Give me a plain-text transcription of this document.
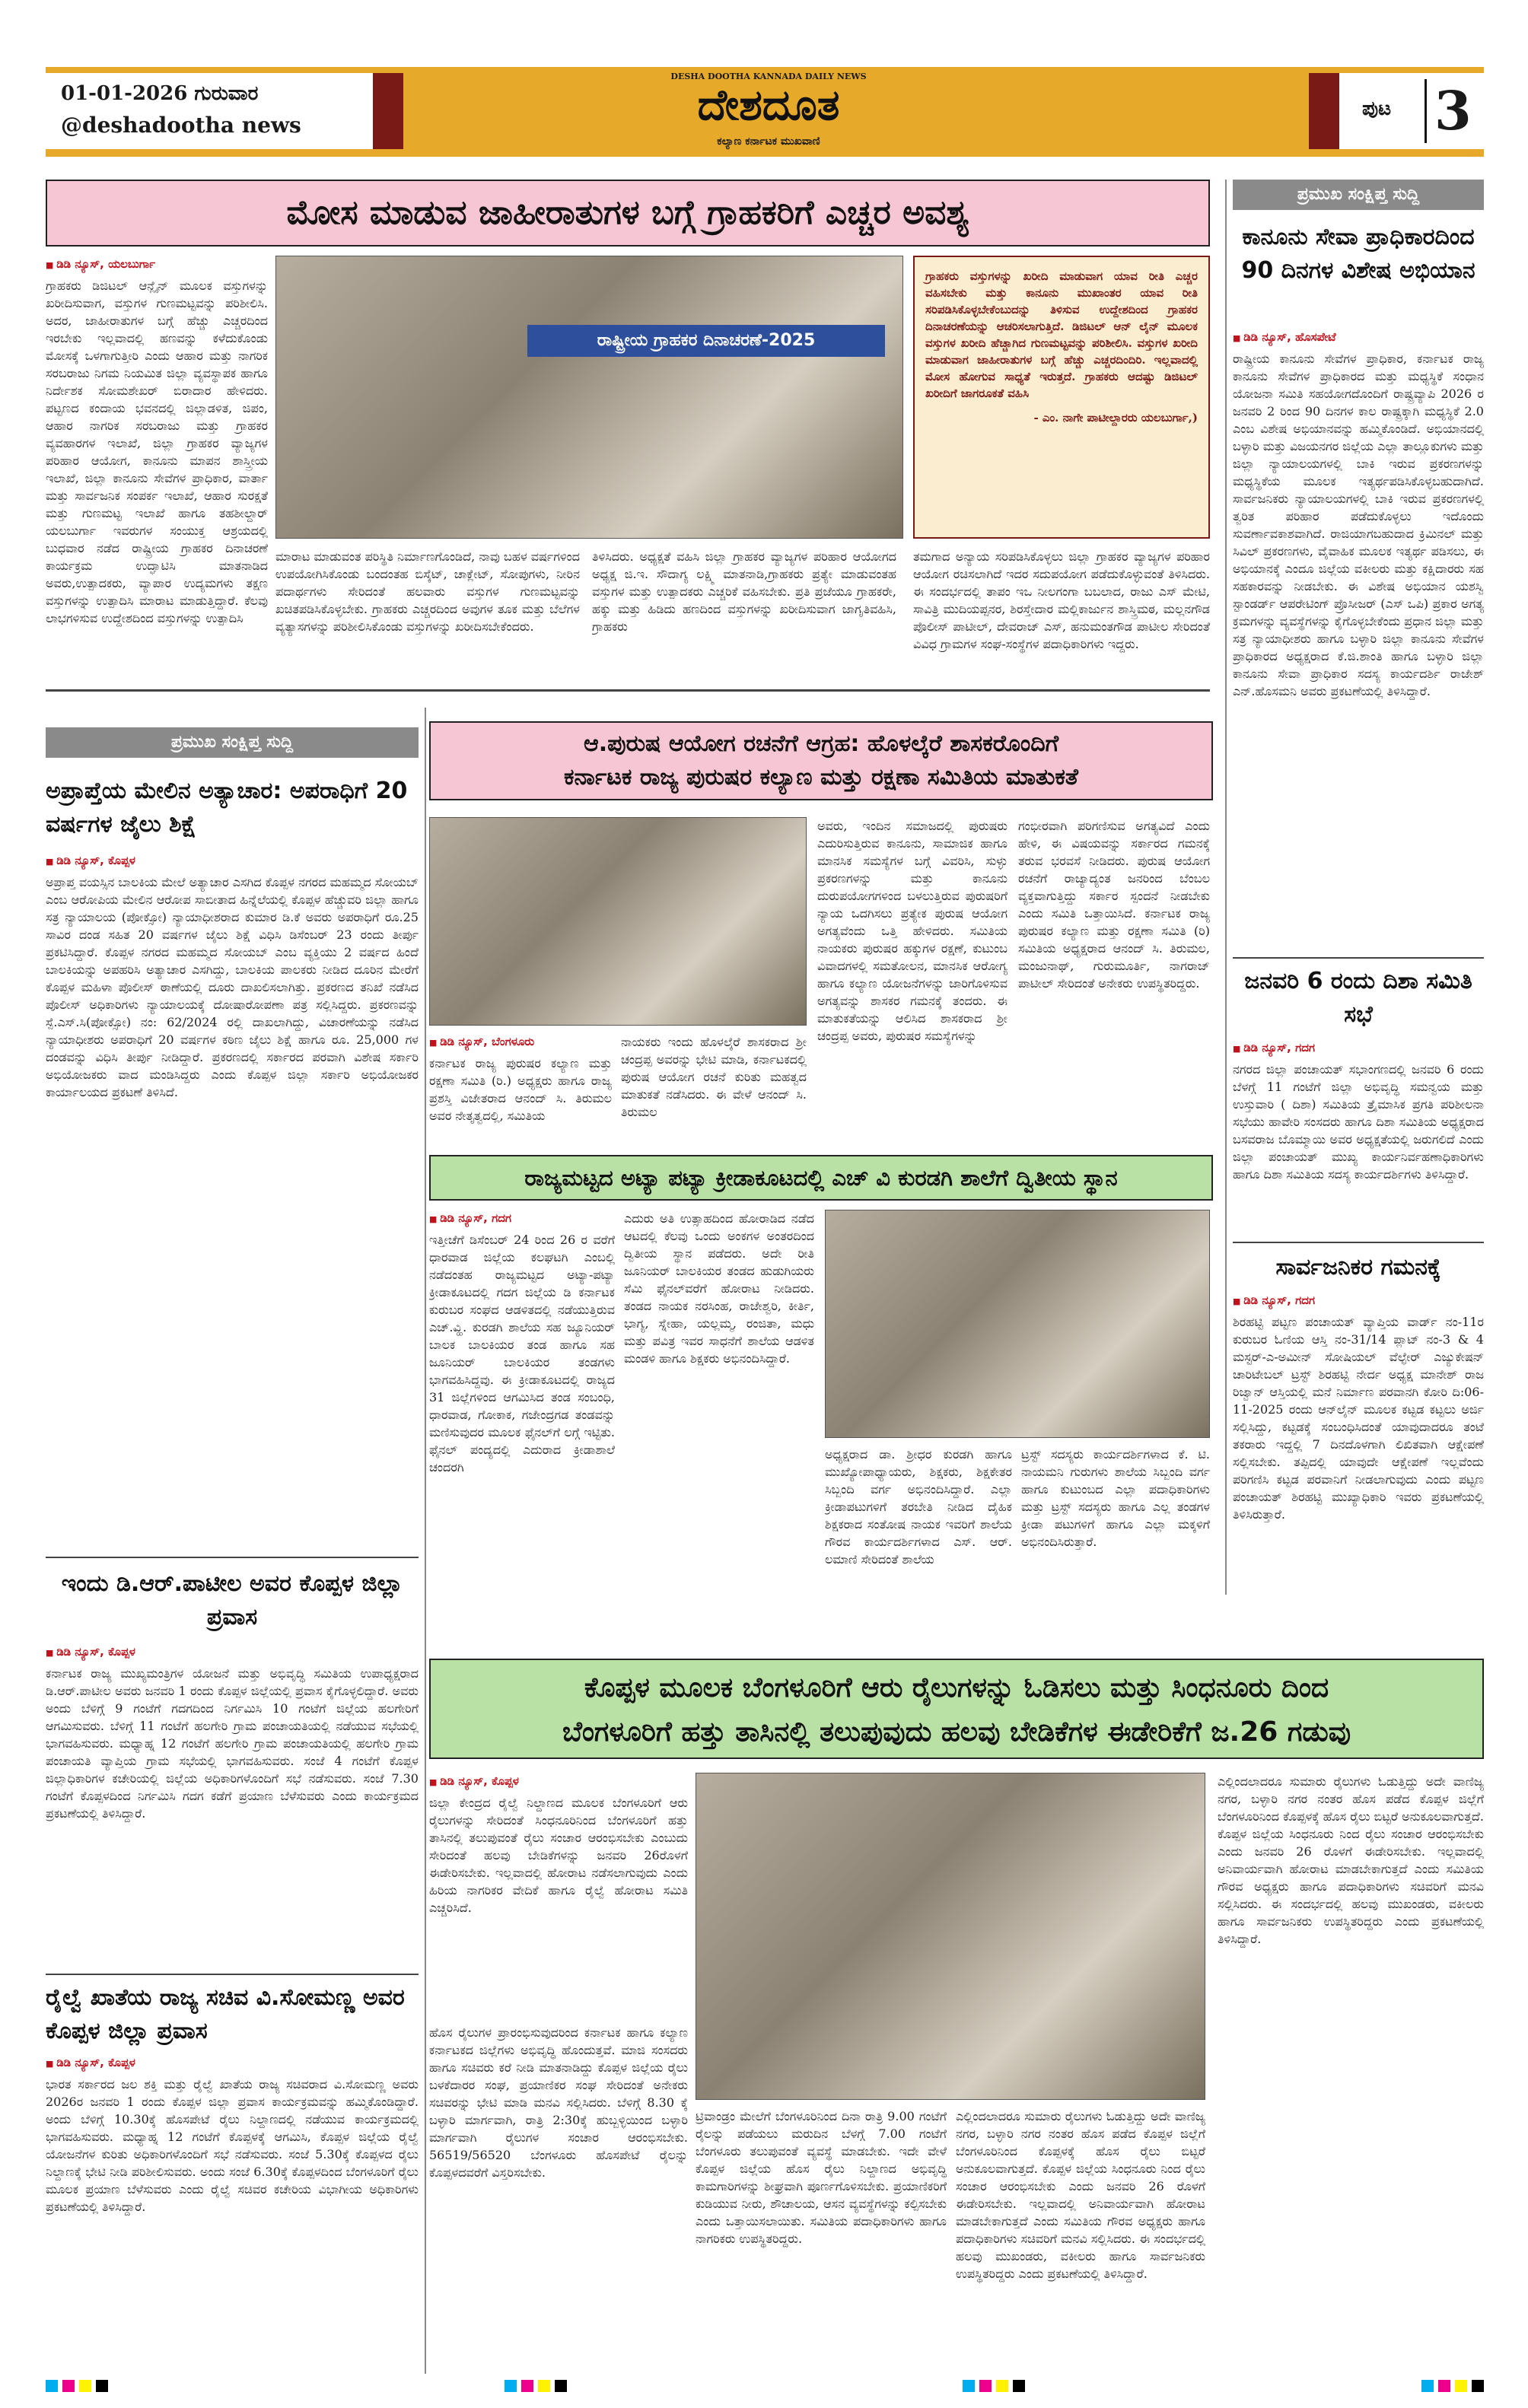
01-01-2026 ಗುರುವಾರ
@deshadootha news
DESHA DOOTHA KANNADA DAILY NEWS
ದೇಶದೂತ
ಕಲ್ಯಾಣ ಕರ್ನಾಟಕ ಮುಖವಾಣಿ
ಪುಟ 3
ಮೋಸ ಮಾಡುವ ಜಾಹೀರಾತುಗಳ ಬಗ್ಗೆ ಗ್ರಾಹಕರಿಗೆ ಎಚ್ಚರ ಅವಶ್ಯ
■ ಡಿಡಿ ನ್ಯೂಸ್, ಯಲಬುರ್ಗಾ
ಗ್ರಾಹಕರು ಡಿಜಿಟಲ್ ಆನ್ಲೈನ್ ಮೂಲಕ ವಸ್ತುಗಳನ್ನು ಖರೀದಿಸುವಾಗ, ವಸ್ತುಗಳ ಗುಣಮಟ್ಟವನ್ನು ಪರಿಶೀಲಿಸಿ. ಅದರ, ಜಾಹೀರಾತುಗಳ ಬಗ್ಗೆ ಹೆಚ್ಚು ಎಚ್ಚರದಿಂದ ಇರಬೇಕು ಇಲ್ಲವಾದಲ್ಲಿ ಹಣವನ್ನು ಕಳೆದುಕೊಂಡು ಮೋಸಕ್ಕೆ ಒಳಗಾಗುತ್ತೀರಿ ಎಂದು ಆಹಾರ ಮತ್ತು ನಾಗರಿಕ ಸರಬರಾಜು ನಿಗಮ ನಿಯಮಿತ ಜಿಲ್ಲಾ ವ್ಯವಸ್ಥಾಪಕ ಹಾಗೂ ನಿರ್ದೇಶಕ ಸೋಮಶೇಖರ್ ಬಿರಾದಾರ ಹೇಳಿದರು. ಪಟ್ಟಣದ ಕಂದಾಯ ಭವನದಲ್ಲಿ ಜಿಲ್ಲಾಡಳಿತ, ಜಿಪಂ, ಆಹಾರ ನಾಗರಿಕ ಸರಬರಾಜು ಮತ್ತು ಗ್ರಾಹಕರ ವ್ಯವಹಾರಗಳ ಇಲಾಖೆ, ಜಿಲ್ಲಾ ಗ್ರಾಹಕರ ವ್ಯಾಜ್ಯಗಳ ಪರಿಹಾರ ಆಯೋಗ, ಕಾನೂನು ಮಾಪನ ಶಾಸ್ತ್ರೀಯ ಇಲಾಖೆ, ಜಿಲ್ಲಾ ಕಾನೂನು ಸೇವೆಗಳ ಪ್ರಾಧಿಕಾರ, ವಾರ್ತಾ ಮತ್ತು ಸಾರ್ವಜನಿಕ ಸಂಪರ್ಕ ಇಲಾಖೆ, ಆಹಾರ ಸುರಕ್ಷತೆ ಮತ್ತು ಗುಣಮಟ್ಟ ಇಲಾಖೆ ಹಾಗೂ ತಹಶೀಲ್ದಾರ್ ಯಲಬುರ್ಗಾ ಇವರುಗಳ ಸಂಯುಕ್ತ ಆಶ್ರಯದಲ್ಲಿ ಬುಧವಾರ ನಡೆದ ರಾಷ್ಟ್ರೀಯ ಗ್ರಾಹಕರ ದಿನಾಚರಣೆ ಕಾರ್ಯಕ್ರಮ ಉದ್ಘಾಟಿಸಿ ಮಾತನಾಡಿದ ಅವರು,ಉತ್ಪಾದಕರು, ವ್ಯಾಪಾರ ಉದ್ಯಮಗಳು ತಕ್ಷಣ ವಸ್ತುಗಳನ್ನು ಉತ್ಪಾದಿಸಿ ಮಾರಾಟ ಮಾಡುತ್ತಿದ್ದಾರೆ. ಕೆಲವು ಲಾಭಗಳಿಸುವ ಉದ್ದೇಶದಿಂದ ವಸ್ತುಗಳನ್ನು ಉತ್ಪಾದಿಸಿ
ರಾಷ್ಟ್ರೀಯ ಗ್ರಾಹಕರ ದಿನಾಚರಣೆ-2025
ಗ್ರಾಹಕರು ವಸ್ತುಗಳನ್ನು ಖರೀದಿ ಮಾಡುವಾಗ ಯಾವ ರೀತಿ ಎಚ್ಚರ ವಹಿಸಬೇಕು ಮತ್ತು ಕಾನೂನು ಮುಖಾಂತರ ಯಾವ ರೀತಿ ಸರಿಪಡಿಸಿಕೊಳ್ಳಬೇಕೆಂಬುದನ್ನು ತಿಳಿಸುವ ಉದ್ದೇಶದಿಂದ ಗ್ರಾಹಕರ ದಿನಾಚರಣೆಯನ್ನು ಆಚರಿಸಲಾಗುತ್ತಿದೆ. ಡಿಜಿಟಲ್ ಆನ್ ಲೈನ್ ಮೂಲಕ ವಸ್ತುಗಳ ಖರೀದಿ ಹೆಚ್ಚಾಗಿದ ಗುಣಮಟ್ಟವನ್ನು ಪರಿಶೀಲಿಸಿ. ವಸ್ತುಗಳ ಖರೀದಿ ಮಾಡುವಾಗ ಜಾಹೀರಾತುಗಳ ಬಗ್ಗೆ ಹೆಚ್ಚು ಎಚ್ಚರದಿಂದಿರಿ. ಇಲ್ಲವಾದಲ್ಲಿ ಮೋಸ ಹೋಗುವ ಸಾಧ್ಯತೆ ಇರುತ್ತದೆ. ಗ್ರಾಹಕರು ಆದಷ್ಟು ಡಿಜಿಟಲ್ ಖರೀದಿಗೆ ಜಾಗರೂಕತೆ ವಹಿಸಿ
- ಎಂ. ನಾಗೇ ಪಾಟೀಲ್ದಾರರು ಯಲಬುರ್ಗಾ,)
ಮಾರಾಟ ಮಾಡುವಂತ ಪರಿಸ್ಥಿತಿ ನಿರ್ಮಾಣಗೊಂಡಿದೆ, ನಾವು ಬಹಳ ವರ್ಷಗಳಿಂದ ಉಪಯೋಗಿಸಿಕೊಂಡು ಬಂದಂತಹ ಬಿಸ್ಕೆಟ್, ಚಾಕ್ಲೇಟ್, ಸೋಪುಗಳು, ನೀರಿನ ಪದಾರ್ಥಗಳು ಸೇರಿದಂತೆ ಹಲವಾರು ವಸ್ತುಗಳ ಗುಣಮಟ್ಟವನ್ನು ಖಚಿತಪಡಿಸಿಕೊಳ್ಳಬೇಕು. ಗ್ರಾಹಕರು ಎಚ್ಚರದಿಂದ ಅವುಗಳ ತೂಕ ಮತ್ತು ಬೆಲೆಗಳ ವ್ಯತ್ಯಾಸಗಳನ್ನು ಪರಿಶೀಲಿಸಿಕೊಂಡು ವಸ್ತುಗಳನ್ನು ಖರೀದಿಸಬೇಕೆಂದರು.
ತಿಳಿಸಿದರು. ಅಧ್ಯಕ್ಷತೆ ವಹಿಸಿ ಜಿಲ್ಲಾ ಗ್ರಾಹಕರ ವ್ಯಾಜ್ಯಗಳ ಪರಿಹಾರ ಆಯೋಗದ ಅಧ್ಯಕ್ಷ ಜಿ.ಇ. ಸೌದಾಗ್ಯ ಲಕ್ಷ್ಮಿ ಮಾತನಾಡಿ,ಗ್ರಾಹಕರು ಪ್ರತ್ಯೇ ಮಾಡುವಂತಹ ವಸ್ತುಗಳ ಮತ್ತು ಉತ್ಪಾದಕರು ಎಚ್ಚರಿಕೆ ವಹಿಸಬೇಕು. ಪ್ರತಿ ಪ್ರಜೆಯೂ ಗ್ರಾಹಕರೇ, ಹಕ್ಕು ಮತ್ತು ಹಿಡಿದು ಹಣದಿಂದ ವಸ್ತುಗಳನ್ನು ಖರೀದಿಸುವಾಗ ಜಾಗೃತಿವಹಿಸಿ, ಗ್ರಾಹಕರು
ತಮಗಾದ ಅನ್ಯಾಯ ಸರಿಪಡಿಸಿಕೊಳ್ಳಲು ಜಿಲ್ಲಾ ಗ್ರಾಹಕರ ವ್ಯಾಜ್ಯಗಳ ಪರಿಹಾರ ಆಯೋಗ ರಚಿಸಲಾಗಿದೆ ಇದರ ಸದುಪಯೋಗ ಪಡೆದುಕೊಳ್ಳುವಂತೆ ತಿಳಿಸಿದರು. ಈ ಸಂದರ್ಭದಲ್ಲಿ ತಾಪಂ ಇಒ ನೀಲಗಂಗಾ ಬಬಲಾದ, ರಾಜು ಎಸ್ ಮೇಟಿ, ಸಾವಿತ್ರಿ ಮುದಿಯಪ್ಪನರ, ಶಿರಸ್ತೇದಾರ ಮಲ್ಲಿಕಾರ್ಜುನ ಶಾಸ್ತ್ರಿಮಠ, ಮಲ್ಲನಗೌಡ ಪೊಲೀಸ್ ಪಾಟೀಲ್, ದೇವರಾಜ್ ಎಸ್, ಹನುಮಂತಗೌಡ ಪಾಟೀಲ ಸೇರಿದಂತೆ ವಿವಿಧ ಗ್ರಾಮಗಳ ಸಂಘ-ಸಂಸ್ಥೆಗಳ ಪದಾಧಿಕಾರಿಗಳು ಇದ್ದರು.
ಪ್ರಮುಖ ಸಂಕ್ಷಿಪ್ತ ಸುದ್ದಿ
ಕಾನೂನು ಸೇವಾ ಪ್ರಾಧಿಕಾರದಿಂದ 90 ದಿನಗಳ ವಿಶೇಷ ಅಭಿಯಾನ
■ ಡಿಡಿ ನ್ಯೂಸ್, ಹೊಸಪೇಟೆ
ರಾಷ್ಟ್ರೀಯ ಕಾನೂನು ಸೇವೆಗಳ ಪ್ರಾಧಿಕಾರ, ಕರ್ನಾಟಕ ರಾಜ್ಯ ಕಾನೂನು ಸೇವೆಗಳ ಪ್ರಾಧಿಕಾರದ ಮತ್ತು ಮಧ್ಯಸ್ಥಿಕೆ ಸಂಧಾನ ಯೋಜನಾ ಸಮಿತಿ ಸಹಯೋಗದೊಂದಿಗೆ ರಾಷ್ಟ್ರವ್ಯಾಪಿ 2026 ರ ಜನವರಿ 2 ರಿಂದ 90 ದಿನಗಳ ಕಾಲ ರಾಷ್ಟ್ರಕ್ಕಾಗಿ ಮಧ್ಯಸ್ಥಿಕೆ 2.0 ಎಂಬ ವಿಶೇಷ ಅಭಿಯಾನವನ್ನು ಹಮ್ಮಿಕೊಂಡಿದೆ. ಅಭಿಯಾನದಲ್ಲಿ ಬಳ್ಳಾರಿ ಮತ್ತು ವಿಜಯನಗರ ಜಿಲ್ಲೆಯ ಎಲ್ಲಾ ತಾಲ್ಲೂಕುಗಳು ಮತ್ತು ಜಿಲ್ಲಾ ನ್ಯಾಯಾಲಯಗಳಲ್ಲಿ ಬಾಕಿ ಇರುವ ಪ್ರಕರಣಗಳನ್ನು ಮಧ್ಯಸ್ಥಿಕೆಯ ಮೂಲಕ ಇತ್ಯರ್ಥಪಡಿಸಿಕೊಳ್ಳಬಹುದಾಗಿದೆ. ಸಾರ್ವಜನಿಕರು ನ್ಯಾಯಾಲಯಗಳಲ್ಲಿ ಬಾಕಿ ಇರುವ ಪ್ರಕರಣಗಳಲ್ಲಿ ತ್ವರಿತ ಪರಿಹಾರ ಪಡೆದುಕೊಳ್ಳಲು ಇದೊಂದು ಸುವರ್ಣಾವಕಾಶವಾಗಿದೆ. ರಾಜಿಯಾಗಬಹುದಾದ ಕ್ರಿಮಿನಲ್ ಮತ್ತು ಸಿವಿಲ್ ಪ್ರಕರಣಗಳು, ವೈವಾಹಿಕ ಮೂಲಕ ಇತ್ಯರ್ಥ ಪಡಿಸಲು, ಈ ಅಭಿಯಾನಕ್ಕೆ ಎಂದೂ ಜಿಲ್ಲೆಯ ವಕೀಲರು ಮತ್ತು ಕಕ್ಷಿದಾರರು ಸಹ ಸಹಕಾರವನ್ನು ನೀಡಬೇಕು. ಈ ವಿಶೇಷ ಅಭಿಯಾನ ಯಶಸ್ವಿ ಸ್ಟಾಂಡರ್ಡ್ ಆಪರೇಟಿಂಗ್ ಪ್ರೊಸೀಜರ್ (ಎಸ್ ಒಪಿ) ಪ್ರಕಾರ ಅಗತ್ಯ ಕ್ರಮಗಳನ್ನು ವ್ಯವಸ್ಥೆಗಳನ್ನು ಕೈಗೊಳ್ಳಬೇಕೆಂದು ಪ್ರಧಾನ ಜಿಲ್ಲಾ ಮತ್ತು ಸತ್ರ ನ್ಯಾಯಾಧೀಶರು ಹಾಗೂ ಬಳ್ಳಾರಿ ಜಿಲ್ಲಾ ಕಾನೂನು ಸೇವೆಗಳ ಪ್ರಾಧಿಕಾರದ ಅಧ್ಯಕ್ಷರಾದ ಕೆ.ಜಿ.ಶಾಂತಿ ಹಾಗೂ ಬಳ್ಳಾರಿ ಜಿಲ್ಲಾ ಕಾನೂನು ಸೇವಾ ಪ್ರಾಧಿಕಾರ ಸದಸ್ಯ ಕಾರ್ಯದರ್ಶಿ ರಾಜೇಶ್ ಎನ್.ಹೊಸಮನಿ ಅವರು ಪ್ರಕಟಣೆಯಲ್ಲಿ ತಿಳಿಸಿದ್ದಾರೆ.
ಜನವರಿ 6 ರಂದು ದಿಶಾ ಸಮಿತಿ ಸಭೆ
■ ಡಿಡಿ ನ್ಯೂಸ್, ಗದಗ
ನಗರದ ಜಿಲ್ಲಾ ಪಂಚಾಯತ್ ಸಭಾಂಗಣದಲ್ಲಿ ಜನವರಿ 6 ರಂದು ಬೆಳಗ್ಗೆ 11 ಗಂಟೆಗೆ ಜಿಲ್ಲಾ ಅಭಿವೃದ್ಧಿ ಸಮನ್ವಯ ಮತ್ತು ಉಸ್ತುವಾರಿ ( ದಿಶಾ) ಸಮಿತಿಯ ತ್ರೈಮಾಸಿಕ ಪ್ರಗತಿ ಪರಿಶೀಲನಾ ಸಭೆಯು ಹಾವೇರಿ ಸಂಸದರು ಹಾಗೂ ದಿಶಾ ಸಮಿತಿಯ ಅಧ್ಯಕ್ಷರಾದ ಬಸವರಾಜ ಬೊಮ್ಮಾಯಿ ಅವರ ಅಧ್ಯಕ್ಷತೆಯಲ್ಲಿ ಜರುಗಲಿದೆ ಎಂದು ಜಿಲ್ಲಾ ಪಂಚಾಯತ್ ಮುಖ್ಯ ಕಾರ್ಯನಿರ್ವಹಣಾಧಿಕಾರಿಗಳು ಹಾಗೂ ದಿಶಾ ಸಮಿತಿಯ ಸದಸ್ಯ ಕಾರ್ಯದರ್ಶಿಗಳು ತಿಳಿಸಿದ್ದಾರೆ.
ಸಾರ್ವಜನಿಕರ ಗಮನಕ್ಕೆ
■ ಡಿಡಿ ನ್ಯೂಸ್, ಗದಗ
ಶಿರಹಟ್ಟಿ ಪಟ್ಟಣ ಪಂಚಾಯತ್ ವ್ಯಾಪ್ತಿಯ ವಾರ್ಡ್ ನಂ-11ರ ಕುರುಬರ ಓಣಿಯ ಆಸ್ತಿ ನಂ-31/14 ಪ್ಲಾಟ್ ನಂ-3 & 4 ಮಸ್ಟರ್-ಎ-ಅಮೀನ್ ಸೋಷಿಯಲ್ ವೆಲ್ಫೇರ್ ಎಜ್ಯುಕೇಷನ್ ಚಾರಿಟೇಬಲ್ ಟ್ರಸ್ಟ್ ಶಿರಹಟ್ಟಿ ನೇರ್ದ ಅಧ್ಯಕ್ಷ ಮಾನೇಶ್ ರಾಜ ರಿಜ್ವಾನ್ ಆಸ್ತಿಯಲ್ಲಿ ಮನೆ ನಿರ್ಮಾಣ ಪರವಾನಗಿ ಕೋರಿ ದಿ:06-11-2025 ರಂದು ಆನ್‌ಲೈನ್ ಮೂಲಕ ಕಟ್ಟಡ ಕಟ್ಟಲು ಅರ್ಜಿ ಸಲ್ಲಿಸಿದ್ದು, ಕಟ್ಟಡಕ್ಕೆ ಸಂಬಂಧಿಸಿದಂತೆ ಯಾವುದಾದರೂ ತಂಟೆ ತಕರಾರು ಇದ್ದಲ್ಲಿ 7 ದಿನದೊಳಗಾಗಿ ಲಿಖಿತವಾಗಿ ಆಕ್ಷೇಪಣೆ ಸಲ್ಲಿಸಬೇಕು. ತಪ್ಪಿದಲ್ಲಿ ಯಾವುದೇ ಆಕ್ಷೇಪಣೆ ಇಲ್ಲವೆಂದು ಪರಿಗಣಿಸಿ ಕಟ್ಟಡ ಪರವಾನಿಗೆ ನೀಡಲಾಗುವುದು ಎಂದು ಪಟ್ಟಣ ಪಂಚಾಯತ್ ಶಿರಹಟ್ಟಿ ಮುಖ್ಯಾಧಿಕಾರಿ ಇವರು ಪ್ರಕಟಣೆಯಲ್ಲಿ ತಿಳಿಸಿರುತ್ತಾರೆ.
ಪ್ರಮುಖ ಸಂಕ್ಷಿಪ್ತ ಸುದ್ದಿ
ಅಪ್ರಾಪ್ತೆಯ ಮೇಲಿನ ಅತ್ಯಾಚಾರ: ಅಪರಾಧಿಗೆ 20 ವರ್ಷಗಳ ಜೈಲು ಶಿಕ್ಷೆ
■ ಡಿಡಿ ನ್ಯೂಸ್, ಕೊಪ್ಪಳ
ಅಪ್ರಾಪ್ತ ವಯಸ್ಸಿನ ಬಾಲಕಿಯ ಮೇಲೆ ಅತ್ಯಾಚಾರ ಎಸಗಿದ ಕೊಪ್ಪಳ ನಗರದ ಮಹಮ್ಮದ ಸೋಯಬ್ ಎಂಬ ಆರೋಪಿಯ ಮೇಲಿನ ಆರೋಪ ಸಾಬೀತಾದ ಹಿನ್ನೆಲೆಯಲ್ಲಿ ಕೊಪ್ಪಳ ಹೆಚ್ಚುವರಿ ಜಿಲ್ಲಾ ಹಾಗೂ ಸತ್ರ ನ್ಯಾಯಾಲಯ (ಪೋಕ್ಸೋ) ನ್ಯಾಯಾಧೀಶರಾದ ಕುಮಾರ ಡಿ.ಕೆ ಅವರು ಅಪರಾಧಿಗೆ ರೂ.25 ಸಾವಿರ ದಂಡ ಸಹಿತ 20 ವರ್ಷಗಳ ಜೈಲು ಶಿಕ್ಷೆ ವಿಧಿಸಿ ಡಿಸೆಂಬರ್ 23 ರಂದು ತೀರ್ಪು ಪ್ರಕಟಿಸಿದ್ದಾರೆ. ಕೊಪ್ಪಳ ನಗರದ ಮಹಮ್ಮದ ಸೋಯಬ್ ಎಂಬ ವ್ಯಕ್ತಿಯು 2 ವರ್ಷದ ಹಿಂದೆ ಬಾಲಕಿಯನ್ನು ಅಪಹರಿಸಿ ಅತ್ಯಾಚಾರ ಎಸಗಿದ್ದು, ಬಾಲಕಿಯ ಪಾಲಕರು ನೀಡಿದ ದೂರಿನ ಮೇರೆಗೆ ಕೊಪ್ಪಳ ಮಹಿಳಾ ಪೊಲೀಸ್ ಠಾಣೆಯಲ್ಲಿ ದೂರು ದಾಖಲಿಸಲಾಗಿತ್ತು. ಪ್ರಕರಣದ ತನಿಖೆ ನಡೆಸಿದ ಪೊಲೀಸ್ ಅಧಿಕಾರಿಗಳು ನ್ಯಾಯಾಲಯಕ್ಕೆ ದೋಷಾರೋಪಣಾ ಪತ್ರ ಸಲ್ಲಿಸಿದ್ದರು. ಪ್ರಕರಣವನ್ನು ಸ್ಪೆ.ಎಸ್.ಸಿ(ಪೋಕ್ಸೋ) ನಂ: 62/2024 ರಲ್ಲಿ ದಾಖಲಾಗಿದ್ದು, ವಿಚಾರಣೆಯನ್ನು ನಡೆಸಿದ ನ್ಯಾಯಾಧೀಶರು ಅಪರಾಧಿಗೆ 20 ವರ್ಷಗಳ ಕಠಿಣ ಜೈಲು ಶಿಕ್ಷೆ ಹಾಗೂ ರೂ. 25,000 ಗಳ ದಂಡವನ್ನು ವಿಧಿಸಿ ತೀರ್ಪು ನೀಡಿದ್ದಾರೆ. ಪ್ರಕರಣದಲ್ಲಿ ಸರ್ಕಾರದ ಪರವಾಗಿ ವಿಶೇಷ ಸರ್ಕಾರಿ ಅಭಿಯೋಜಕರು ವಾದ ಮಂಡಿಸಿದ್ದರು ಎಂದು ಕೊಪ್ಪಳ ಜಿಲ್ಲಾ ಸರ್ಕಾರಿ ಅಭಿಯೋಜಕರ ಕಾರ್ಯಾಲಯದ ಪ್ರಕಟಣೆ ತಿಳಿಸಿದೆ.
ಇಂದು ಡಿ.ಆರ್.ಪಾಟೀಲ ಅವರ ಕೊಪ್ಪಳ ಜಿಲ್ಲಾ ಪ್ರವಾಸ
■ ಡಿಡಿ ನ್ಯೂಸ್, ಕೊಪ್ಪಳ
ಕರ್ನಾಟಕ ರಾಜ್ಯ ಮುಖ್ಯಮಂತ್ರಿಗಳ ಯೋಜನೆ ಮತ್ತು ಅಭಿವೃದ್ಧಿ ಸಮಿತಿಯ ಉಪಾಧ್ಯಕ್ಷರಾದ ಡಿ.ಆರ್.ಪಾಟೀಲ ಅವರು ಜನವರಿ 1 ರಂದು ಕೊಪ್ಪಳ ಜಿಲ್ಲೆಯಲ್ಲಿ ಪ್ರವಾಸ ಕೈಗೊಳ್ಳಲಿದ್ದಾರೆ. ಅವರು ಅಂದು ಬೆಳಿಗ್ಗೆ 9 ಗಂಟೆಗೆ ಗದಗದಿಂದ ನಿರ್ಗಮಿಸಿ 10 ಗಂಟೆಗೆ ಜಿಲ್ಲೆಯ ಹಲಗೇರಿಗೆ ಆಗಮಿಸುವರು. ಬೆಳಿಗ್ಗೆ 11 ಗಂಟೆಗೆ ಹಲಗೇರಿ ಗ್ರಾಮ ಪಂಚಾಯತಿಯಲ್ಲಿ ನಡೆಯುವ ಸಭೆಯಲ್ಲಿ ಭಾಗವಹಿಸುವರು. ಮಧ್ಯಾಹ್ನ 12 ಗಂಟೆಗೆ ಹಲಗೇರಿ ಗ್ರಾಮ ಪಂಚಾಯತಿಯಲ್ಲಿ ಹಲಗೇರಿ ಗ್ರಾಮ ಪಂಚಾಯತಿ ವ್ಯಾಪ್ತಿಯ ಗ್ರಾಮ ಸಭೆಯಲ್ಲಿ ಭಾಗವಹಿಸುವರು. ಸಂಜೆ 4 ಗಂಟೆಗೆ ಕೊಪ್ಪಳ ಜಿಲ್ಲಾಧಿಕಾರಿಗಳ ಕಚೇರಿಯಲ್ಲಿ ಜಿಲ್ಲೆಯ ಅಧಿಕಾರಿಗಳೊಂದಿಗೆ ಸಭೆ ನಡೆಸುವರು. ಸಂಜೆ 7.30 ಗಂಟೆಗೆ ಕೊಪ್ಪಳದಿಂದ ನಿರ್ಗಮಿಸಿ ಗದಗ ಕಡೆಗೆ ಪ್ರಯಾಣ ಬೆಳೆಸುವರು ಎಂದು ಕಾರ್ಯಕ್ರಮದ ಪ್ರಕಟಣೆಯಲ್ಲಿ ತಿಳಿಸಿದ್ದಾರೆ.
ರೈಲ್ವೆ ಖಾತೆಯ ರಾಜ್ಯ ಸಚಿವ ವಿ.ಸೋಮಣ್ಣ ಅವರ ಕೊಪ್ಪಳ ಜಿಲ್ಲಾ ಪ್ರವಾಸ
■ ಡಿಡಿ ನ್ಯೂಸ್, ಕೊಪ್ಪಳ
ಭಾರತ ಸರ್ಕಾರದ ಜಲ ಶಕ್ತಿ ಮತ್ತು ರೈಲ್ವೆ ಖಾತೆಯ ರಾಜ್ಯ ಸಚಿವರಾದ ವಿ.ಸೋಮಣ್ಣ ಅವರು 2026ರ ಜನವರಿ 1 ರಂದು ಕೊಪ್ಪಳ ಜಿಲ್ಲಾ ಪ್ರವಾಸ ಕಾರ್ಯಕ್ರಮವನ್ನು ಹಮ್ಮಿಕೊಂಡಿದ್ದಾರೆ. ಅಂದು ಬೆಳಿಗ್ಗೆ 10.30ಕ್ಕೆ ಹೊಸಪೇಟೆ ರೈಲು ನಿಲ್ದಾಣದಲ್ಲಿ ನಡೆಯುವ ಕಾರ್ಯಕ್ರಮದಲ್ಲಿ ಭಾಗವಹಿಸುವರು. ಮಧ್ಯಾಹ್ನ 12 ಗಂಟೆಗೆ ಕೊಪ್ಪಳಕ್ಕೆ ಆಗಮಿಸಿ, ಕೊಪ್ಪಳ ಜಿಲ್ಲೆಯ ರೈಲ್ವೆ ಯೋಜನೆಗಳ ಕುರಿತು ಅಧಿಕಾರಿಗಳೊಂದಿಗೆ ಸಭೆ ನಡೆಸುವರು. ಸಂಜೆ 5.30ಕ್ಕೆ ಕೊಪ್ಪಳದ ರೈಲು ನಿಲ್ದಾಣಕ್ಕೆ ಭೇಟಿ ನೀಡಿ ಪರಿಶೀಲಿಸುವರು. ಅಂದು ಸಂಜೆ 6.30ಕ್ಕೆ ಕೊಪ್ಪಳದಿಂದ ಬೆಂಗಳೂರಿಗೆ ರೈಲು ಮೂಲಕ ಪ್ರಯಾಣ ಬೆಳೆಸುವರು ಎಂದು ರೈಲ್ವೆ ಸಚಿವರ ಕಚೇರಿಯ ವಿಭಾಗೀಯ ಅಧಿಕಾರಿಗಳು ಪ್ರಕಟಣೆಯಲ್ಲಿ ತಿಳಿಸಿದ್ದಾರೆ.
ಆ.ಪುರುಷ ಆಯೋಗ ರಚನೆಗೆ ಆಗ್ರಹ: ಹೊಳಲ್ಕೆರೆ ಶಾಸಕರೊಂದಿಗೆ
ಕರ್ನಾಟಕ ರಾಜ್ಯ ಪುರುಷರ ಕಲ್ಯಾಣ ಮತ್ತು ರಕ್ಷಣಾ ಸಮಿತಿಯ ಮಾತುಕತೆ
■ ಡಿಡಿ ನ್ಯೂಸ್, ಬೆಂಗಳೂರು
ಕರ್ನಾಟಕ ರಾಜ್ಯ ಪುರುಷರ ಕಲ್ಯಾಣ ಮತ್ತು ರಕ್ಷಣಾ ಸಮಿತಿ (ರಿ.) ಅಧ್ಯಕ್ಷರು ಹಾಗೂ ರಾಜ್ಯ ಪ್ರಶಸ್ತಿ ವಿಜೇತರಾದ ಆನಂದ್ ಸಿ. ತಿರುಮಲ ಅವರ ನೇತೃತ್ವದಲ್ಲಿ, ಸಮಿತಿಯ
ನಾಯಕರು ಇಂದು ಹೊಳಲ್ಕೆರೆ ಶಾಸಕರಾದ ಶ್ರೀ ಚಂದ್ರಪ್ಪ ಅವರನ್ನು ಭೇಟಿ ಮಾಡಿ, ಕರ್ನಾಟಕದಲ್ಲಿ ಪುರುಷ ಆಯೋಗ ರಚನೆ ಕುರಿತು ಮಹತ್ವದ ಮಾತುಕತೆ ನಡೆಸಿದರು. ಈ ವೇಳೆ ಆನಂದ್ ಸಿ. ತಿರುಮಲ
ಅವರು, ಇಂದಿನ ಸಮಾಜದಲ್ಲಿ ಪುರುಷರು ಎದುರಿಸುತ್ತಿರುವ ಕಾನೂನು, ಸಾಮಾಜಿಕ ಹಾಗೂ ಮಾನಸಿಕ ಸಮಸ್ಯೆಗಳ ಬಗ್ಗೆ ವಿವರಿಸಿ, ಸುಳ್ಳು ಪ್ರಕರಣಗಳನ್ನು ಮತ್ತು ಕಾನೂನು ದುರುಪಯೋಗಗಳಿಂದ ಬಳಲುತ್ತಿರುವ ಪುರುಷರಿಗೆ ನ್ಯಾಯ ಒದಗಿಸಲು ಪ್ರತ್ಯೇಕ ಪುರುಷ ಆಯೋಗ ಅಗತ್ಯವೆಂದು ಒತ್ತಿ ಹೇಳಿದರು. ಸಮಿತಿಯ ನಾಯಕರು ಪುರುಷರ ಹಕ್ಕುಗಳ ರಕ್ಷಣೆ, ಕುಟುಂಬ ವಿವಾದಗಳಲ್ಲಿ ಸಮತೋಲನ, ಮಾನಸಿಕ ಆರೋಗ್ಯ ಹಾಗೂ ಕಲ್ಯಾಣ ಯೋಜನೆಗಳನ್ನು ಜಾರಿಗೊಳಿಸುವ ಅಗತ್ಯವನ್ನು ಶಾಸಕರ ಗಮನಕ್ಕೆ ತಂದರು. ಈ ಮಾತುಕತೆಯನ್ನು ಆಲಿಸಿದ ಶಾಸಕರಾದ ಶ್ರೀ ಚಂದ್ರಪ್ಪ ಅವರು, ಪುರುಷರ ಸಮಸ್ಯೆಗಳನ್ನು
ಗಂಭೀರವಾಗಿ ಪರಿಗಣಿಸುವ ಅಗತ್ಯವಿದೆ ಎಂದು ಹೇಳಿ, ಈ ವಿಷಯವನ್ನು ಸರ್ಕಾರದ ಗಮನಕ್ಕೆ ತರುವ ಭರವಸೆ ನೀಡಿದರು. ಪುರುಷ ಆಯೋಗ ರಚನೆಗೆ ರಾಜ್ಯಾದ್ಯಂತ ಜನರಿಂದ ಬೆಂಬಲ ವ್ಯಕ್ತವಾಗುತ್ತಿದ್ದು ಸರ್ಕಾರ ಸ್ಪಂದನೆ ನೀಡಬೇಕು ಎಂದು ಸಮಿತಿ ಒತ್ತಾಯಿಸಿದೆ. ಕರ್ನಾಟಕ ರಾಜ್ಯ ಪುರುಷರ ಕಲ್ಯಾಣ ಮತ್ತು ರಕ್ಷಣಾ ಸಮಿತಿ (ರಿ) ಸಮಿತಿಯ ಅಧ್ಯಕ್ಷರಾದ ಆನಂದ್ ಸಿ. ತಿರುಮಲ, ಮಂಜುನಾಥ್, ಗುರುಮೂರ್ತಿ, ನಾಗರಾಜ್ ಪಾಟೀಲ್ ಸೇರಿದಂತೆ ಅನೇಕರು ಉಪಸ್ಥಿತರಿದ್ದರು.
ರಾಜ್ಯಮಟ್ಟದ ಅಟ್ಯಾ ಪಟ್ಯಾ ಕ್ರೀಡಾಕೂಟದಲ್ಲಿ ಎಚ್ ವಿ ಕುರಡಗಿ ಶಾಲೆಗೆ ದ್ವಿತೀಯ ಸ್ಥಾನ
■ ಡಿಡಿ ನ್ಯೂಸ್, ಗದಗ
ಇತ್ತೀಚೆಗೆ ಡಿಸೆಂಬರ್ 24 ರಿಂದ 26 ರ ವರೆಗೆ ಧಾರವಾಡ ಜಿಲ್ಲೆಯ ಕಲಘಟಗಿ ಎಂಬಲ್ಲಿ ನಡೆದಂತಹ ರಾಜ್ಯಮಟ್ಟದ ಅಟ್ಯಾ-ಪಟ್ಯಾ ಕ್ರೀಡಾಕೂಟದಲ್ಲಿ ಗದಗ ಜಿಲ್ಲೆಯ ಡಿ ಕರ್ನಾಟಕ ಕುರುಬರ ಸಂಘದ ಆಡಳಿತದಲ್ಲಿ ನಡೆಯುತ್ತಿರುವ ಎಚ್.ವ್ಹಿ. ಕುರಡಗಿ ಶಾಲೆಯ ಸಹ ಜ್ಯೂನಿಯರ್ ಬಾಲಕ ಬಾಲಕಿಯರ ತಂಡ ಹಾಗೂ ಸಹ ಜೂನಿಯರ್ ಬಾಲಕಿಯರ ತಂಡಗಳು ಭಾಗವಹಿಸಿದ್ದವು. ಈ ಕ್ರೀಡಾಕೂಟದಲ್ಲಿ ರಾಜ್ಯದ 31 ಜಿಲ್ಲೆಗಳಿಂದ ಆಗಮಿಸಿದ ತಂಡ ಸಂಬಂಧಿ, ಧಾರವಾಡ, ಗೋಕಾಕ, ಗಜೇಂದ್ರಗಡ ತಂಡವನ್ನು ಮಣಿಸುವುದರ ಮೂಲಕ ಫೈನಲ್‌ಗೆ ಲಗ್ಗೆ ಇಟ್ಟಿತು. ಫೈನಲ್ ಪಂದ್ಯದಲ್ಲಿ ಎದುರಾದ ಕ್ರೀಡಾಶಾಲೆ ಚಂದರಗಿ
ಎದುರು ಅತಿ ಉತ್ಸಾಹದಿಂದ ಹೋರಾಡಿದ ನಡೆದ ಆಟದಲ್ಲಿ ಕೆಲವು ಒಂದು ಅಂಕಗಳ ಅಂತರದಿಂದ ದ್ವಿತೀಯ ಸ್ಥಾನ ಪಡೆದರು. ಅದೇ ರೀತಿ ಜೂನಿಯರ್ ಬಾಲಕಿಯರ ತಂಡದ ಹುಡುಗಿಯರು ಸೆಮಿ ಫೈನಲ್‌ವರೆಗೆ ಹೋರಾಟ ನೀಡಿದರು. ತಂಡದ ನಾಯಕ ನರಸಿಂಹ, ರಾಜೇಶ್ವರಿ, ಕೀರ್ತಿ, ಭಾಗ್ಯ, ಸ್ನೇಹಾ, ಯಲ್ಲಮ್ಮ, ರಂಜಿತಾ, ಮಧು ಮತ್ತು ಪವಿತ್ರ ಇವರ ಸಾಧನೆಗೆ ಶಾಲೆಯ ಆಡಳಿತ ಮಂಡಳಿ ಹಾಗೂ ಶಿಕ್ಷಕರು ಅಭಿನಂದಿಸಿದ್ದಾರೆ.
ಅಧ್ಯಕ್ಷರಾದ ಡಾ. ಶ್ರೀಧರ ಕುರಡಗಿ ಹಾಗೂ ಮುಖ್ಯೋಪಾಧ್ಯಾಯರು, ಶಿಕ್ಷಕರು, ಶಿಕ್ಷಕೇತರ ಸಿಬ್ಬಂದಿ ವರ್ಗ ಅಭಿನಂದಿಸಿದ್ದಾರೆ. ಎಲ್ಲಾ ಕ್ರೀಡಾಪಟುಗಳಿಗೆ ತರಬೇತಿ ನೀಡಿದ ದೈಹಿಕ ಶಿಕ್ಷಕರಾದ ಸಂತೋಷ ನಾಯಕ ಇವರಿಗೆ ಶಾಲೆಯ ಗೌರವ ಕಾರ್ಯದರ್ಶಿಗಳಾದ ಎಸ್. ಆರ್. ಲಮಾಣಿ ಸೇರಿದಂತೆ ಶಾಲೆಯ
ಟ್ರಸ್ಟ್ ಸದಸ್ಯರು ಕಾರ್ಯದರ್ಶಿಗಳಾದ ಕೆ. ಟಿ. ನಾಯಮನಿ ಗುರುಗಳು ಶಾಲೆಯ ಸಿಬ್ಬಂದಿ ವರ್ಗ ಹಾಗೂ ಕುಟುಂಬದ ಎಲ್ಲಾ ಪದಾಧಿಕಾರಿಗಳು ಮತ್ತು ಟ್ರಸ್ಟ್ ಸದಸ್ಯರು ಹಾಗೂ ಎಲ್ಲ ತಂಡಗಳ ಕ್ರೀಡಾ ಪಟುಗಳಿಗೆ ಹಾಗೂ ಎಲ್ಲಾ ಮಕ್ಕಳಿಗೆ ಅಭಿನಂದಿಸಿರುತ್ತಾರೆ.
ಕೊಪ್ಪಳ ಮೂಲಕ ಬೆಂಗಳೂರಿಗೆ ಆರು ರೈಲುಗಳನ್ನು ಓಡಿಸಲು ಮತ್ತು ಸಿಂಧನೂರು ದಿಂದ
ಬೆಂಗಳೂರಿಗೆ ಹತ್ತು ತಾಸಿನಲ್ಲಿ ತಲುಪುವುದು ಹಲವು ಬೇಡಿಕೆಗಳ ಈಡೇರಿಕೆಗೆ ಜ.26 ಗಡುವು
■ ಡಿಡಿ ನ್ಯೂಸ್, ಕೊಪ್ಪಳ
ಜಿಲ್ಲಾ ಕೇಂದ್ರದ ರೈಲ್ವೆ ನಿಲ್ದಾಣದ ಮೂಲಕ ಬೆಂಗಳೂರಿಗೆ ಆರು ರೈಲುಗಳನ್ನು ಸೇರಿದಂತೆ ಸಿಂಧನೂರಿನಿಂದ ಬೆಂಗಳೂರಿಗೆ ಹತ್ತು ತಾಸಿನಲ್ಲಿ ತಲುಪುವಂತೆ ರೈಲು ಸಂಚಾರ ಆರಂಭಿಸಬೇಕು ಎಂಬುದು ಸೇರಿದಂತೆ ಹಲವು ಬೇಡಿಕೆಗಳನ್ನು ಜನವರಿ 26ರೊಳಗೆ ಈಡೇರಿಸಬೇಕು. ಇಲ್ಲವಾದಲ್ಲಿ ಹೋರಾಟ ನಡೆಸಲಾಗುವುದು ಎಂದು ಹಿರಿಯ ನಾಗರಿಕರ ವೇದಿಕೆ ಹಾಗೂ ರೈಲ್ವೆ ಹೋರಾಟ ಸಮಿತಿ ಎಚ್ಚರಿಸಿದೆ.
ಹೊಸ ರೈಲುಗಳ ಪ್ರಾರಂಭಿಸುವುದರಿಂದ ಕರ್ನಾಟಕ ಹಾಗೂ ಕಲ್ಯಾಣ ಕರ್ನಾಟಕದ ಜಿಲ್ಲೆಗಳು ಅಭಿವೃದ್ಧಿ ಹೊಂದುತ್ತವೆ. ಮಾಜಿ ಸಂಸದರು ಹಾಗೂ ಸಚಿವರು ಕರೆ ನೀಡಿ ಮಾತನಾಡಿದ್ದು ಕೊಪ್ಪಳ ಜಿಲ್ಲೆಯ ರೈಲು ಬಳಕೆದಾರರ ಸಂಘ, ಪ್ರಯಾಣಿಕರ ಸಂಘ ಸೇರಿದಂತೆ ಅನೇಕರು ಸಚಿವರನ್ನು ಭೇಟಿ ಮಾಡಿ ಮನವಿ ಸಲ್ಲಿಸಿದರು. ಬೆಳಿಗ್ಗೆ 8.30 ಕ್ಕೆ ಬಳ್ಳಾರಿ ಮಾರ್ಗವಾಗಿ, ರಾತ್ರಿ 2:30ಕ್ಕೆ ಹುಬ್ಬಳ್ಳಿಯಿಂದ ಬಳ್ಳಾರಿ ಮಾರ್ಗವಾಗಿ ರೈಲುಗಳ ಸಂಚಾರ ಆರಂಭಿಸಬೇಕು. 56519/56520 ಬೆಂಗಳೂರು ಹೊಸಪೇಟೆ ರೈಲನ್ನು ಕೊಪ್ಪಳದವರೆಗೆ ವಿಸ್ತರಿಸಬೇಕು.
ಟ್ರಿವಾಂಡ್ರಂ ಮೇಲೆಗೆ ಬೆಂಗಳೂರಿನಿಂದ ದಿನಾ ರಾತ್ರಿ 9.00 ಗಂಟೆಗೆ ರೈಲನ್ನು ಪಡೆಯಲು ಮರುದಿನ ಬೆಳಗ್ಗೆ 7.00 ಗಂಟೆಗೆ ಬೆಂಗಳೂರು ತಲುಪುವಂತೆ ವ್ಯವಸ್ಥೆ ಮಾಡಬೇಕು. ಇದೇ ವೇಳೆ ಕೊಪ್ಪಳ ಜಿಲ್ಲೆಯ ಹೊಸ ರೈಲು ನಿಲ್ದಾಣದ ಅಭಿವೃದ್ಧಿ ಕಾಮಗಾರಿಗಳನ್ನು ಶೀಘ್ರವಾಗಿ ಪೂರ್ಣಗೊಳಿಸಬೇಕು. ಪ್ರಯಾಣಿಕರಿಗೆ ಕುಡಿಯುವ ನೀರು, ಶೌಚಾಲಯ, ಆಸನ ವ್ಯವಸ್ಥೆಗಳನ್ನು ಕಲ್ಪಿಸಬೇಕು ಎಂದು ಒತ್ತಾಯಿಸಲಾಯಿತು. ಸಮಿತಿಯ ಪದಾಧಿಕಾರಿಗಳು ಹಾಗೂ ನಾಗರಿಕರು ಉಪಸ್ಥಿತರಿದ್ದರು.
ಎಲ್ಲಿಂದಲಾದರೂ ಸುಮಾರು ರೈಲುಗಳು ಓಡುತ್ತಿದ್ದು ಅದೇ ವಾಣಿಜ್ಯ ನಗರ, ಬಳ್ಳಾರಿ ನಗರ ನಂತರ ಹೊಸ ಪಡೆದ ಕೊಪ್ಪಳ ಜಿಲ್ಲೆಗೆ ಬೆಂಗಳೂರಿನಿಂದ ಕೊಪ್ಪಳಕ್ಕೆ ಹೊಸ ರೈಲು ಬಿಟ್ಟರೆ ಅನುಕೂಲವಾಗುತ್ತದೆ. ಕೊಪ್ಪಳ ಜಿಲ್ಲೆಯ ಸಿಂಧನೂರು ನಿಂದ ರೈಲು ಸಂಚಾರ ಆರಂಭಿಸಬೇಕು ಎಂದು ಜನವರಿ 26 ರೊಳಗೆ ಈಡೇರಿಸಬೇಕು. ಇಲ್ಲವಾದಲ್ಲಿ ಅನಿವಾರ್ಯವಾಗಿ ಹೋರಾಟ ಮಾಡಬೇಕಾಗುತ್ತದೆ ಎಂದು ಸಮಿತಿಯ ಗೌರವ ಅಧ್ಯಕ್ಷರು ಹಾಗೂ ಪದಾಧಿಕಾರಿಗಳು ಸಚಿವರಿಗೆ ಮನವಿ ಸಲ್ಲಿಸಿದರು. ಈ ಸಂದರ್ಭದಲ್ಲಿ ಹಲವು ಮುಖಂಡರು, ವಕೀಲರು ಹಾಗೂ ಸಾರ್ವಜನಿಕರು ಉಪಸ್ಥಿತರಿದ್ದರು ಎಂದು ಪ್ರಕಟಣೆಯಲ್ಲಿ ತಿಳಿಸಿದ್ದಾರೆ.
ಎಲ್ಲಿಂದಲಾದರೂ ಸುಮಾರು ರೈಲುಗಳು ಓಡುತ್ತಿದ್ದು ಅದೇ ವಾಣಿಜ್ಯ ನಗರ, ಬಳ್ಳಾರಿ ನಗರ ನಂತರ ಹೊಸ ಪಡೆದ ಕೊಪ್ಪಳ ಜಿಲ್ಲೆಗೆ ಬೆಂಗಳೂರಿನಿಂದ ಕೊಪ್ಪಳಕ್ಕೆ ಹೊಸ ರೈಲು ಬಿಟ್ಟರೆ ಅನುಕೂಲವಾಗುತ್ತದೆ. ಕೊಪ್ಪಳ ಜಿಲ್ಲೆಯ ಸಿಂಧನೂರು ನಿಂದ ರೈಲು ಸಂಚಾರ ಆರಂಭಿಸಬೇಕು ಎಂದು ಜನವರಿ 26 ರೊಳಗೆ ಈಡೇರಿಸಬೇಕು. ಇಲ್ಲವಾದಲ್ಲಿ ಅನಿವಾರ್ಯವಾಗಿ ಹೋರಾಟ ಮಾಡಬೇಕಾಗುತ್ತದೆ ಎಂದು ಸಮಿತಿಯ ಗೌರವ ಅಧ್ಯಕ್ಷರು ಹಾಗೂ ಪದಾಧಿಕಾರಿಗಳು ಸಚಿವರಿಗೆ ಮನವಿ ಸಲ್ಲಿಸಿದರು. ಈ ಸಂದರ್ಭದಲ್ಲಿ ಹಲವು ಮುಖಂಡರು, ವಕೀಲರು ಹಾಗೂ ಸಾರ್ವಜನಿಕರು ಉಪಸ್ಥಿತರಿದ್ದರು ಎಂದು ಪ್ರಕಟಣೆಯಲ್ಲಿ ತಿಳಿಸಿದ್ದಾರೆ.
